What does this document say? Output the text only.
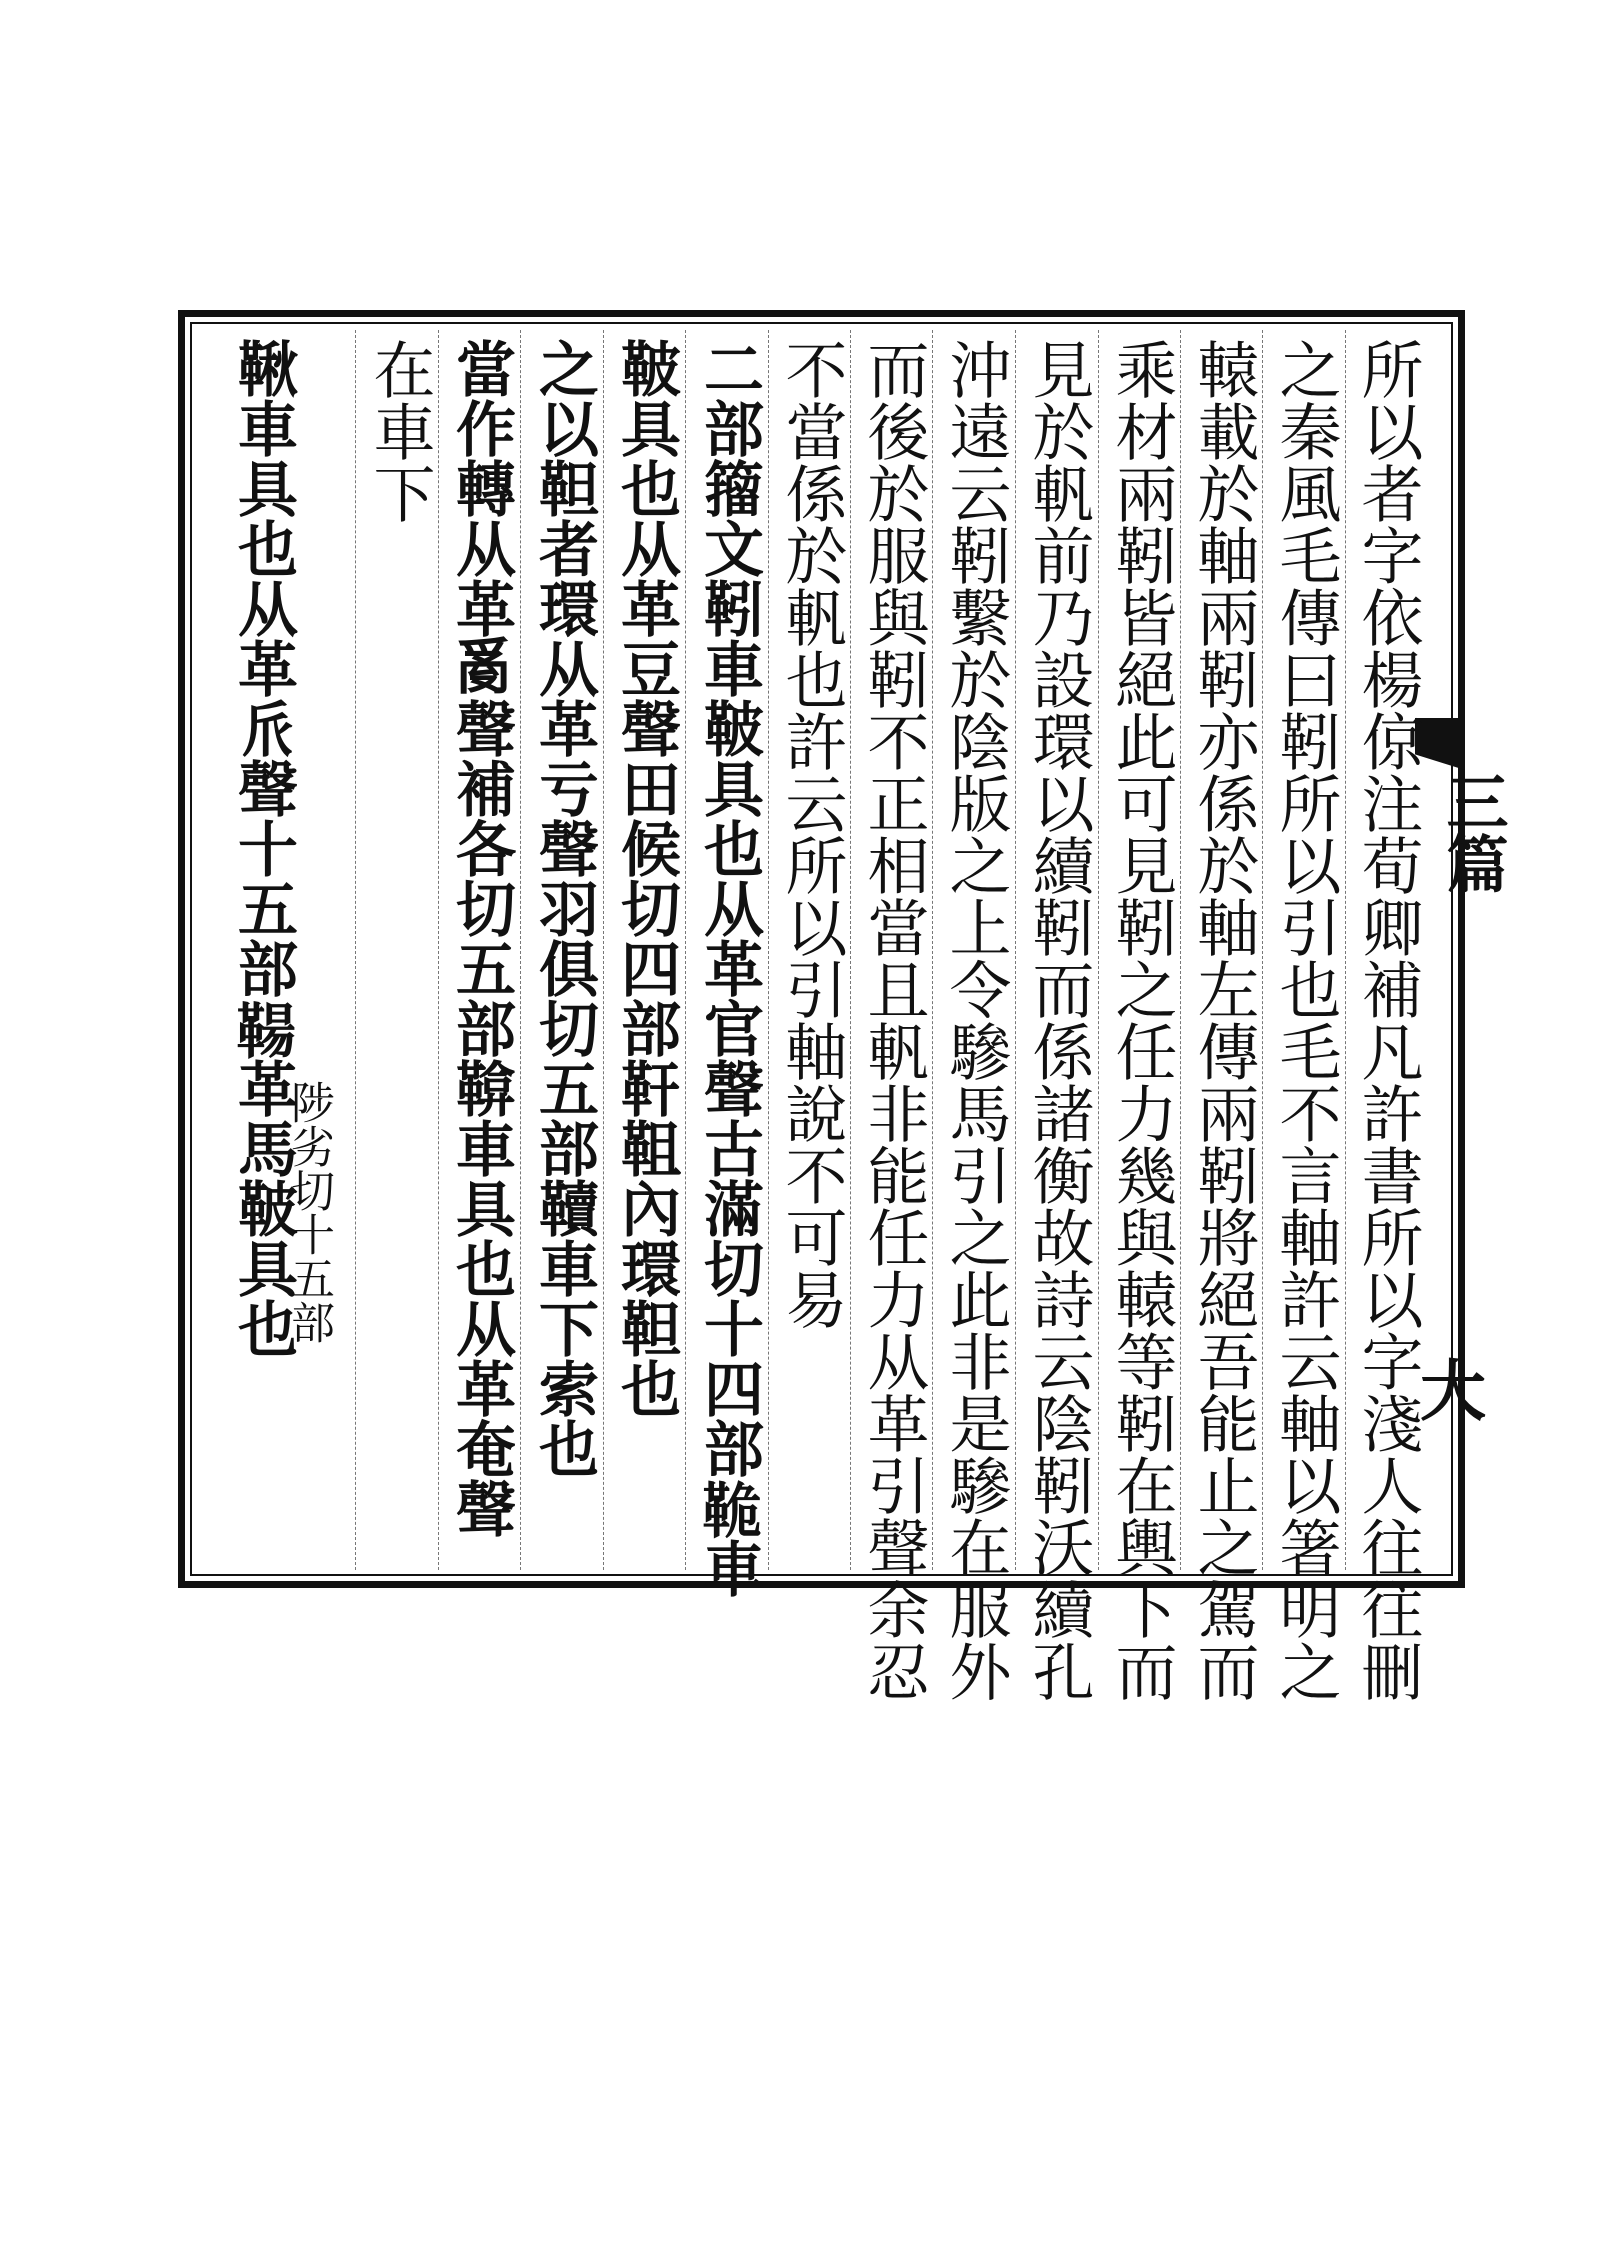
三篇
大
所以者字依楊倞注荀卿補凡許書所以字淺人往往刪
之秦風毛傳曰靷所以引也毛不言軸許云軸以箸明之
轅載於軸兩靷亦係於軸左傳兩靷將絕吾能止之駕而
乘材兩靷皆絕此可見靷之任力幾與轅等靷在輿下而
見於軓前乃設環以續靷而係諸衡故詩云陰靷沃續孔
沖遠云靷繫於陰版之上令驂馬引之此非是驂在服外
而後於服與靷不正相當且軓非能任力从革引聲余忍
不當係於軓也許云所以引軸說不可易
二部籀文靷車鞁具也从革官聲古滿切十四部𩊛車
鞁具也从革豆聲田候切四部靬靻內環靼也
之以靼者環从革亏聲羽俱切五部韇車下索也
當作轉从革𤔔聲補各切五部鞥車具也从革奄聲
在車下
鞦車具也从革𠂢聲十五部𩋬革馬鞁具也
陟劣切十五部
